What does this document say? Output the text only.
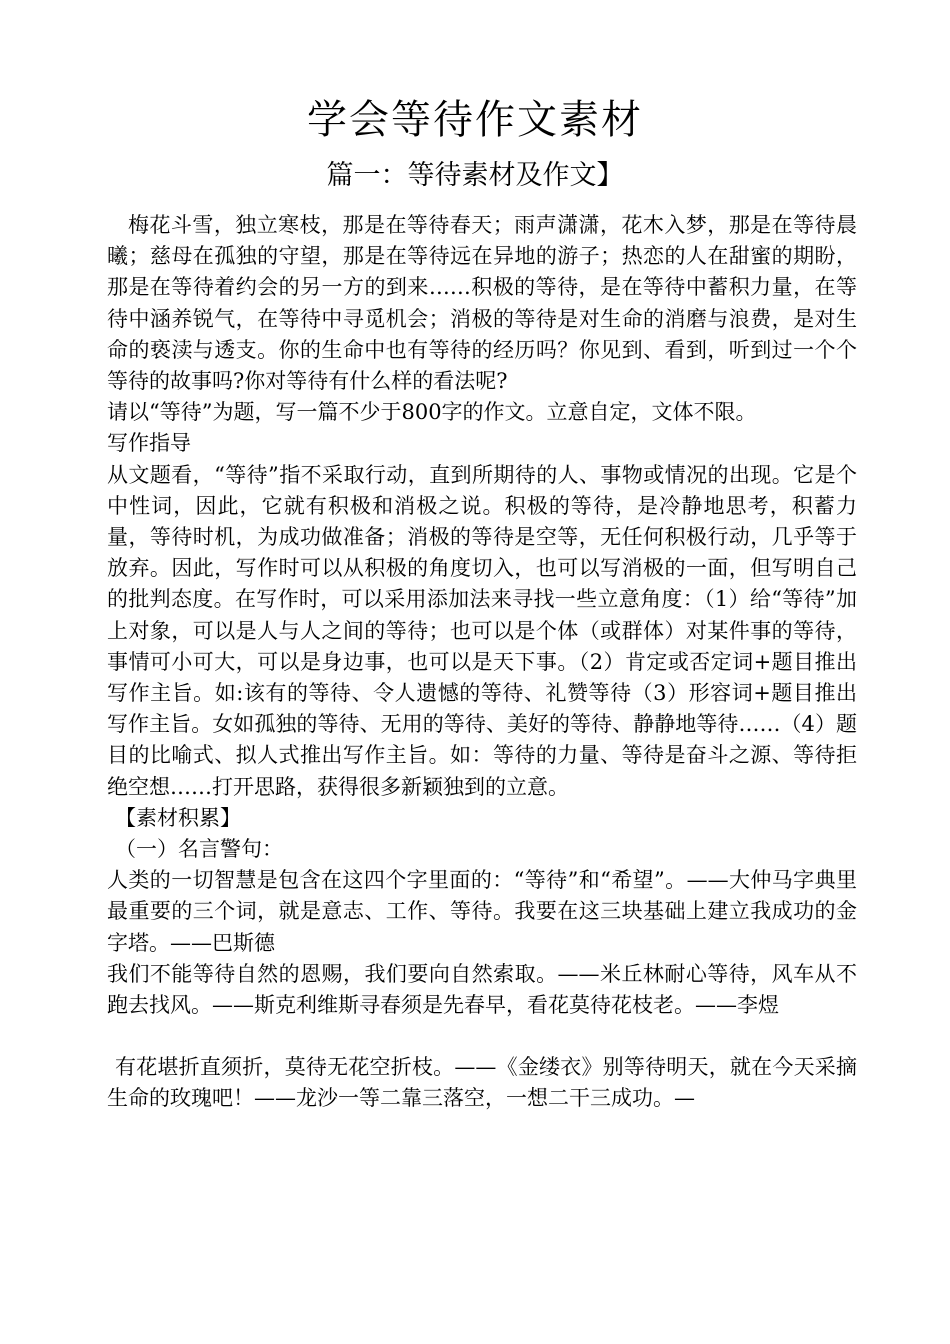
学会等待作文素材
篇一：等待素材及作文】

梅花斗雪，独立寒枝，那是在等待春天；雨声潇潇，花木入梦，那是在等待晨曦；慈母在孤独的守望，那是在等待远在异地的游子；热恋的人在甜蜜的期盼，那是在等待着约会的另一方的到来……积极的等待，是在等待中蓄积力量，在等待中涵养锐气，在等待中寻觅机会；消极的等待是对生命的消磨与浪费，是对生命的亵渎与透支。你的生命中也有等待的经历吗？你见到、看到，听到过一个个等待的故事吗?你对等待有什么样的看法呢?

请以“等待”为题，写一篇不少于800字的作文。立意自定，文体不限。

写作指导

从文题看，“等待”指不采取行动，直到所期待的人、事物或情况的出现。它是个中性词，因此，它就有积极和消极之说。积极的等待，是冷静地思考，积蓄力量，等待时机，为成功做准备；消极的等待是空等，无任何积极行动，几乎等于放弃。因此，写作时可以从积极的角度切入，也可以写消极的一面，但写明自己的批判态度。在写作时，可以采用添加法来寻找一些立意角度：（1）给“等待”加上对象，可以是人与人之间的等待；也可以是个体（或群体）对某件事的等待，事情可小可大，可以是身边事，也可以是天下事。（2）肯定或否定词+题目推出写作主旨。如:该有的等待、令人遗憾的等待、礼赞等待（3）形容词+题目推出写作主旨。女如孤独的等待、无用的等待、美好的等待、静静地等待……（4）题目的比喻式、拟人式推出写作主旨。如：等待的力量、等待是奋斗之源、等待拒绝空想……打开思路，获得很多新颖独到的立意。

【素材积累】

（一）名言警句：

人类的一切智慧是包含在这四个字里面的：“等待”和“希望”。——大仲马字典里最重要的三个词，就是意志、工作、等待。我要在这三块基础上建立我成功的金字塔。——巴斯德

我们不能等待自然的恩赐，我们要向自然索取。——米丘林耐心等待，风车从不跑去找风。——斯克利维斯寻春须是先春早，看花莫待花枝老。——李煜

有花堪折直须折，莫待无花空折枝。——《金缕衣》别等待明天，就在今天采摘生命的玫瑰吧！——龙沙一等二靠三落空，一想二干三成功。—
